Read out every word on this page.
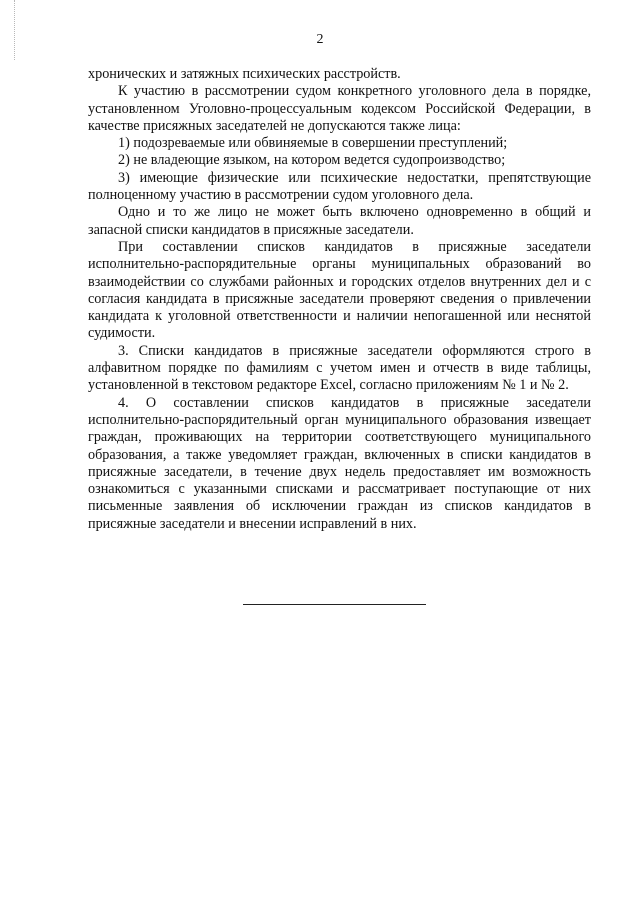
2

хронических и затяжных психических расстройств.

К участию в рассмотрении судом конкретного уголовного дела в порядке, установленном Уголовно-процессуальным кодексом Российской Федерации, в качестве присяжных заседателей не допускаются также лица:

1) подозреваемые или обвиняемые в совершении преступлений;

2) не владеющие языком, на котором ведется судопроизводство;

3) имеющие физические или психические недостатки, препятствующие полноценному участию в рассмотрении судом уголовного дела.

Одно и то же лицо не может быть включено одновременно в общий и запасной списки кандидатов в присяжные заседатели.

При составлении списков кандидатов в присяжные заседатели исполнительно-распорядительные органы муниципальных образований во взаимодействии со службами районных и городских отделов внутренних дел и с согласия кандидата в присяжные заседатели проверяют сведения о привлечении кандидата к уголовной ответственности и наличии непогашенной или неснятой судимости.

3. Списки кандидатов в присяжные заседатели оформляются строго в алфавитном порядке по фамилиям с учетом имен и отчеств в виде таблицы, установленной в текстовом редакторе Excel, согласно приложениям № 1 и № 2.

4. О составлении списков кандидатов в присяжные заседатели исполнительно-распорядительный орган муниципального образования извещает граждан, проживающих на территории соответствующего муниципального образования, а также уведомляет граждан, включенных в списки кандидатов в присяжные заседатели, в течение двух недель предоставляет им возможность ознакомиться с указанными списками и рассматривает поступающие от них письменные заявления об исключении граждан из списков кандидатов в присяжные заседатели и внесении исправлений в них.
